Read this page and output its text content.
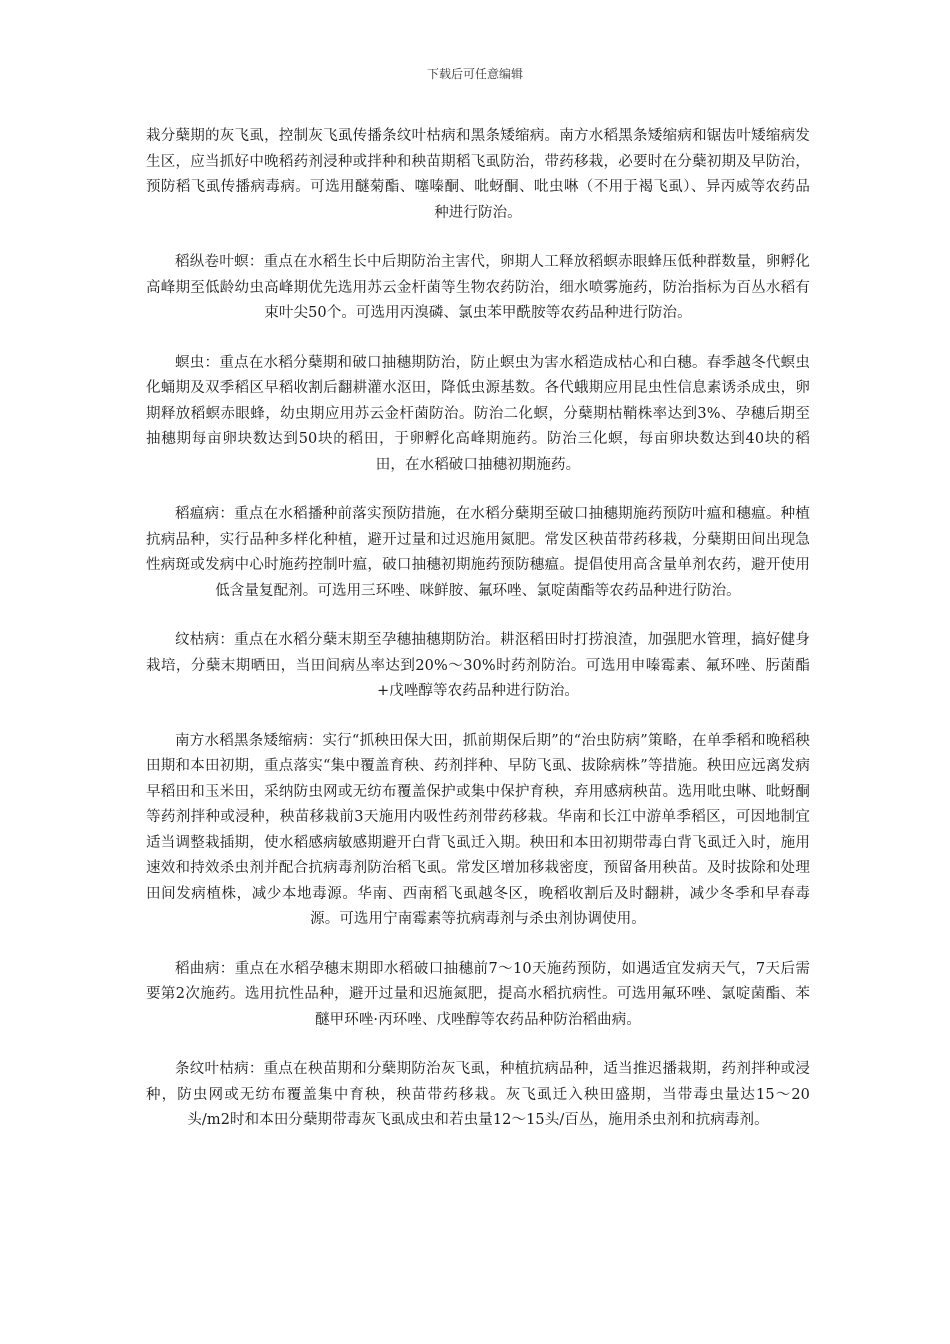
下载后可任意编辑

栽分蘖期的灰飞虱，控制灰飞虱传播条纹叶枯病和黑条矮缩病。南方水稻黑条矮缩病和锯齿叶矮缩病发生区，应当抓好中晚稻药剂浸种或拌种和秧苗期稻飞虱防治，带药移栽，必要时在分蘖初期及早防治，预防稻飞虱传播病毒病。可选用醚菊酯、噻嗪酮、吡蚜酮、吡虫啉（不用于褐飞虱）、异丙威等农药品种进行防治。

稻纵卷叶螟：重点在水稻生长中后期防治主害代，卵期人工释放稻螟赤眼蜂压低种群数量，卵孵化高峰期至低龄幼虫高峰期优先选用苏云金杆菌等生物农药防治，细水喷雾施药，防治指标为百丛水稻有束叶尖50个。可选用丙溴磷、氯虫苯甲酰胺等农药品种进行防治。

螟虫：重点在水稻分蘖期和破口抽穗期防治，防止螟虫为害水稻造成枯心和白穗。春季越冬代螟虫化蛹期及双季稻区早稻收割后翻耕灌水沤田，降低虫源基数。各代蛾期应用昆虫性信息素诱杀成虫，卵期释放稻螟赤眼蜂，幼虫期应用苏云金杆菌防治。防治二化螟，分蘖期枯鞘株率达到3%、孕穗后期至抽穗期每亩卵块数达到50块的稻田，于卵孵化高峰期施药。防治三化螟，每亩卵块数达到40块的稻田，在水稻破口抽穗初期施药。

稻瘟病：重点在水稻播种前落实预防措施，在水稻分蘖期至破口抽穗期施药预防叶瘟和穗瘟。种植抗病品种，实行品种多样化种植，避开过量和过迟施用氮肥。常发区秧苗带药移栽，分蘖期田间出现急性病斑或发病中心时施药控制叶瘟，破口抽穗初期施药预防穗瘟。提倡使用高含量单剂农药，避开使用低含量复配剂。可选用三环唑、咪鲜胺、氟环唑、氯啶菌酯等农药品种进行防治。

纹枯病：重点在水稻分蘖末期至孕穗抽穗期防治。耕沤稻田时打捞浪渣，加强肥水管理，搞好健身栽培，分蘖末期晒田，当田间病丛率达到20%～30%时药剂防治。可选用申嗪霉素、氟环唑、肟菌酯+戊唑醇等农药品种进行防治。

南方水稻黑条矮缩病：实行“抓秧田保大田，抓前期保后期”的“治虫防病”策略，在单季稻和晚稻秧田期和本田初期，重点落实“集中覆盖育秧、药剂拌种、早防飞虱、拔除病株”等措施。秧田应远离发病早稻田和玉米田，采纳防虫网或无纺布覆盖保护或集中保护育秧，弃用感病秧苗。选用吡虫啉、吡蚜酮等药剂拌种或浸种，秧苗移栽前3天施用内吸性药剂带药移栽。华南和长江中游单季稻区，可因地制宜适当调整栽插期，使水稻感病敏感期避开白背飞虱迁入期。秧田和本田初期带毒白背飞虱迁入时，施用速效和持效杀虫剂并配合抗病毒剂防治稻飞虱。常发区增加移栽密度，预留备用秧苗。及时拔除和处理田间发病植株，减少本地毒源。华南、西南稻飞虱越冬区，晚稻收割后及时翻耕，减少冬季和早春毒源。可选用宁南霉素等抗病毒剂与杀虫剂协调使用。

稻曲病：重点在水稻孕穗末期即水稻破口抽穗前7～10天施药预防，如遇适宜发病天气，7天后需要第2次施药。选用抗性品种，避开过量和迟施氮肥，提高水稻抗病性。可选用氟环唑、氯啶菌酯、苯醚甲环唑·丙环唑、戊唑醇等农药品种防治稻曲病。

条纹叶枯病：重点在秧苗期和分蘖期防治灰飞虱，种植抗病品种，适当推迟播栽期，药剂拌种或浸种，防虫网或无纺布覆盖集中育秧，秧苗带药移栽。灰飞虱迁入秧田盛期，当带毒虫量达15～20头/m2时和本田分蘖期带毒灰飞虱成虫和若虫量12～15头/百丛，施用杀虫剂和抗病毒剂。
